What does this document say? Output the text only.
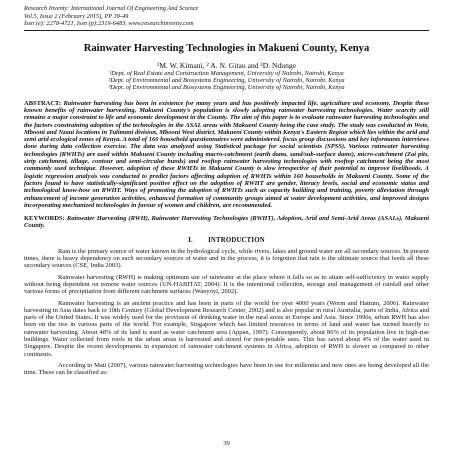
Research Inventy: International Journal Of Engineering And Science
Vol.5, Issue 2 (February 2015), PP 39-49
Issn (e): 2278-4721, Issn (p):2319-6483, www.researchinventy.com
Rainwater Harvesting Technologies in Makueni County, Kenya
¹M. W. Kimani, ² A. N. Gitau and ³D. Ndunge
¹Dept. of Real Estate and Construction Management, University of Nairobi, Nairobi, Kenya
²Dept. of Environmental and Biosystems Engineering, University of Nairobi, Nairobi, Kenya
³Dept. of Environmental and Biosystems Engineering, University of Nairobi, Nairobi, Kenya
ABSTRACT: Rainwater harvesting has been in existence for many years and has positively impacted life, agriculture and economy. Despite these known benefits of rainwater harvesting, Makueni County's population is slowly adopting rainwater harvesting technologies. Water scarcity still remains a major constraint to life and economic development in the County. The aim of this paper is to evaluate rainwater harvesting technologies and the factors constraining adoption of the technologies in the ASAL areas with Makueni County being the case study. The study was conducted in Wote, Mbooni and Nzaui locations in Tulimani division, Mbooni West district, Makueni County within Kenya's Eastern Region which lies within the arid and semi arid ecological zones of Kenya. A total of 160 household questionnaires were administered, focus group discussions and key informants interviews done during data collection exercise. The data was analyzed using Statistical package for social scientists (SPSS). Various rainwater harvesting technologies (RWHTs) are used within Makueni County including macro-catchment (earth dams, sand/sub-surface dams), micro-catchment (Zai pits, strip catchment, tillage, contour and semi-circular bunds) and rooftop rainwater harvesting technologies with rooftop catchment being the most commonly used technique. However, adoption of these RWHTs in Makueni County is slow irrespective of their potential to improve livelihoods. A logistic regression analysis was conducted to predict factors affecting adoption of RWHTs within 160 households in Makueni County. Some of the factors found to have statistically-significant positive effect on the adoption of RWHT are gender, literacy levels, social and economic status and technological know-how on RWHT. Ways of promoting the adoption of RWHTs such as capacity building and training, poverty alleviation through enhancement of income generation activities, enhanced formation of community groups aimed at water development activities, and improved designs incorporating mechanized technologies in favour of women and children, are recommended.
KEYWORDS: Rainwater Harvesting (RWH), Rainwater Harvesting Technologies (RWHT), Adoption, Arid and Semi-Arid Areas (ASALs), Makueni County.
I.        INTRODUCTION
Rain is the primary source of water known in the hydrological cycle, while rivers, lakes and ground water are all secondary sources. In present times, there is heavy dependency on such secondary sources of water and in the process, it is forgotten that rain is the ultimate source that feeds all these secondary sources (CSE, India 2003).
Rainwater harvesting (RWH) is making optimum use of rainwater at the place where it falls so as to attain self-sufficiency in water supply without being dependent on remote water sources (UN-HABITAT, 2004). It is the intentional collection, storage and management of rainfall and other various forms of precipitation from different catchment surfaces (Wanyoyi, 2002).
Rainwater harvesting is an ancient practice and has been in parts of the world for over 4000 years (Worm and Hattum, 2006). Rainwater harvesting in Asia dates back to 10th Century (Global Development Research Center, 2002) and is also popular in rural Australia, parts of India, Africa and parts of the United States. It was widely used for the provision of drinking water in the rural areas in Europe and Asia. Since 1990s, urban RWH has also been on the rise in various parts of the world. For example, Singapore which has limited resources in terms of land and water has turned heavily to rainwater harvesting. About 48% of its land is used as water catchment area (Appan, 1997). Consequently, about 86% of its population live in high-rise buildings. Water collected from roofs in the urban areas is harvested and stored for non-potable uses. This has saved about 4% of the water used in Singapore. Despite the recent developments in expansion of rainwater catchment systems in Africa, adoption of RWH is slower as compared to other continents.
According to Mati (2007), various rainwater harvesting technologies have been in use for millennia and new ones are being developed all the time. These can be classified as:
39
